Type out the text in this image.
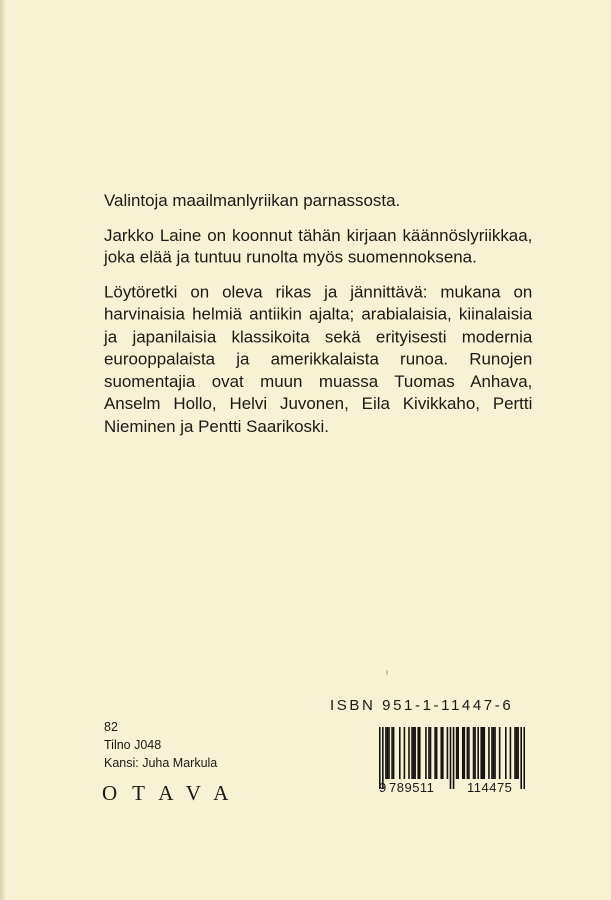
Valintoja maailmanlyriikan parnassosta.

Jarkko Laine on koonnut tähän kirjaan käännöslyriikkaa, joka elää ja tuntuu runolta myös suomennoksena.

Löytöretki on oleva rikas ja jännittävä: mukana on harvinaisia helmiä antiikin ajalta; arabialaisia, kiinalaisia ja japanilaisia klassikoita sekä erityisesti modernia eurooppalaista ja amerikkalaista runoa. Runojen suomentajia ovat muun muassa Tuomas Anhava, Anselm Hollo, Helvi Juvonen, Eila Kivikkaho, Pertti Nieminen ja Pentti Saarikoski.

82
Tilno J048
Kansi: Juha Markula
OTAVA
ISBN 951-1-11447-6
9 789511	114475
